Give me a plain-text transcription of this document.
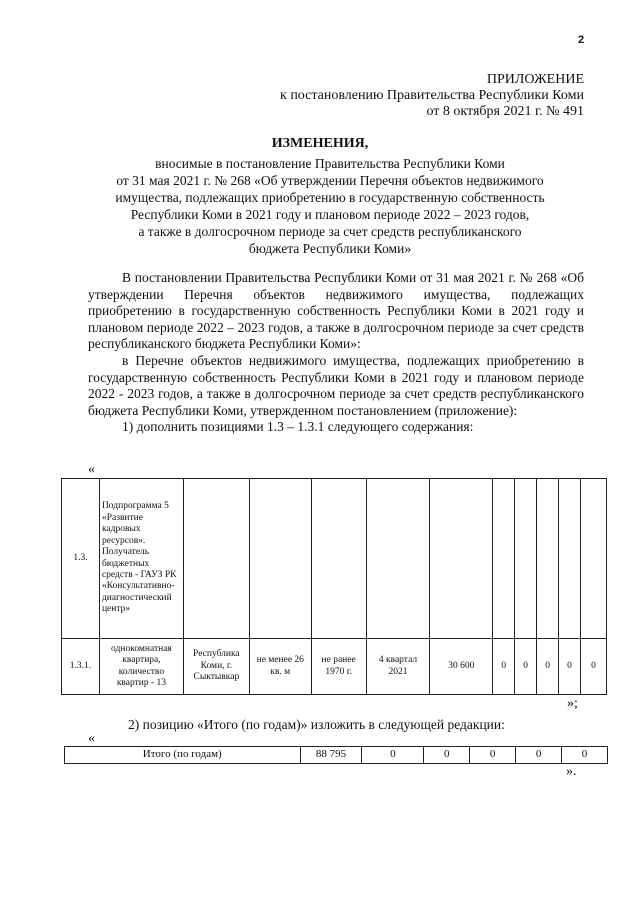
2
ПРИЛОЖЕНИЕ
к постановлению Правительства Республики Коми
от 8 октября 2021 г. № 491
ИЗМЕНЕНИЯ,
вносимые в постановление Правительства Республики Коми
от 31 мая 2021 г. № 268 «Об утверждении Перечня объектов недвижимого
имущества, подлежащих приобретению в государственную собственность
Республики Коми в 2021 году и плановом периоде 2022 – 2023 годов,
а также в долгосрочном периоде за счет средств республиканского
бюджета Республики Коми»

В постановлении Правительства Республики Коми от 31 мая 2021 г. № 268 «Об утверждении Перечня объектов недвижимого имущества, подлежащих приобретению в государственную собственность Республики Коми в 2021 году и плановом периоде 2022 – 2023 годов, а также в долгосрочном периоде за счет средств республиканского бюджета Республики Коми»:

в Перечне объектов недвижимого имущества, подлежащих приобретению в государственную собственность Республики Коми в 2021 году и плановом периоде 2022 - 2023 годов, а также в долгосрочном периоде за счет средств республиканского бюджета Республики Коми, утвержденном постановлением (приложение):

1) дополнить позициями 1.3 – 1.3.1 следующего содержания:

«
1.3.	Подпрограмма 5 «Развитие кадровых ресурсов». Получатель бюджетных средств - ГАУЗ РК «Консультативно-диагностический центр»										
1.3.1.	однокомнатная квартира, количество квартир - 13	Республика Коми, г. Сыктывкар	не менее 26 кв. м	не ранее 1970 г.	4 квартал 2021	30 600	0	0	0	0	0
»;
2) позицию «Итого (по годам)» изложить в следующей редакции:
«
Итого (по годам)	88 795	0	0	0	0	0
».
